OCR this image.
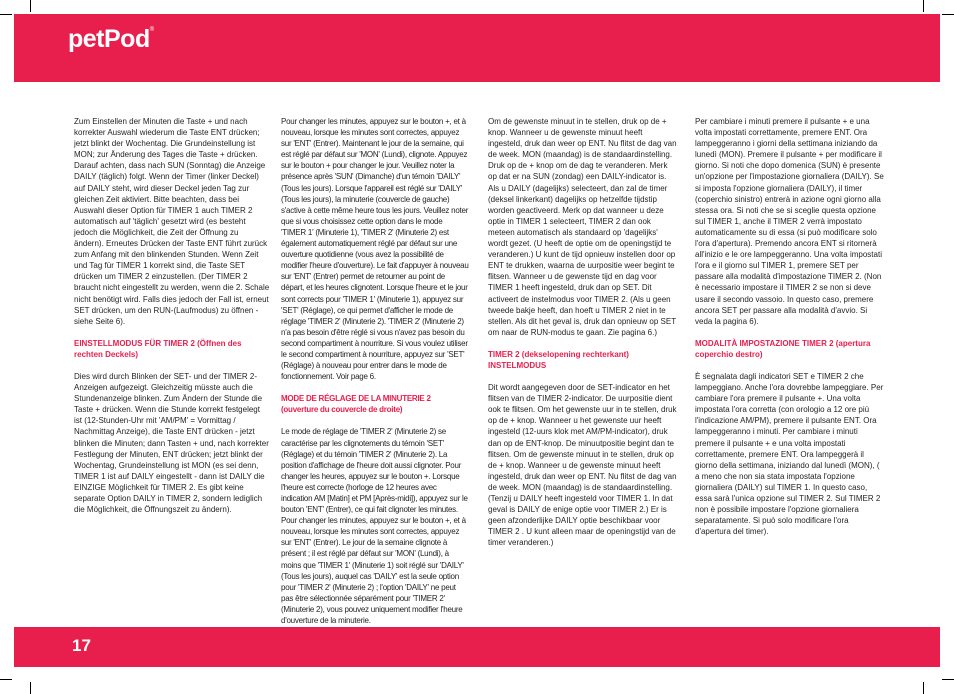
petPod®

Zum Einstellen der Minuten die Taste + und nach korrekter Auswahl wiederum die Taste ENT drücken; jetzt blinkt der Wochentag. Die Grundeinstellung ist MON; zur Änderung des Tages die Taste + drücken.

Darauf achten, dass nach SUN (Sonntag) die Anzeige DAILY (täglich) folgt. Wenn der Timer (linker Deckel) auf DAILY steht, wird dieser Deckel jeden Tag zur gleichen Zeit aktiviert. Bitte beachten, dass bei Auswahl dieser Option für TIMER 1 auch TIMER 2 automatisch auf 'täglich' gesetzt wird (es besteht jedoch die Möglichkeit, die Zeit der Öffnung zu ändern). Erneutes Drücken der Taste ENT führt zurück zum Anfang mit den blinkenden Stunden. Wenn Zeit und Tag für TIMER 1 korrekt sind, die Taste SET drücken um TIMER 2 einzustellen. (Der TIMER 2 braucht nicht eingestellt zu werden, wenn die 2. Schale nicht benötigt wird. Falls dies jedoch der Fall ist, erneut SET drücken, um den RUN-(Laufmodus) zu öffnen - siehe Seite 6).

EINSTELLMODUS FÜR TIMER 2 (Öffnen des rechten Deckels)

Dies wird durch Blinken der SET- und der TIMER 2-Anzeigen aufgezeigt. Gleichzeitig müsste auch die Stundenanzeige blinken. Zum Ändern der Stunde die Taste + drücken. Wenn die Stunde korrekt festgelegt ist (12-Stunden-Uhr mit 'AM/PM' = Vormittag / Nachmittag Anzeige), die Taste ENT drücken - jetzt blinken die Minuten; dann Tasten + und, nach korrekter Festlegung der Minuten, ENT drücken; jetzt blinkt der Wochentag, Grundeinstellung ist MON (es sei denn, TIMER 1 ist auf DAILY eingestellt - dann ist DAILY die EINZIGE Möglichkeit für TIMER 2. Es gibt keine separate Option DAILY in TIMER 2, sondern lediglich die Möglichkeit, die Öffnungszeit zu ändern).

Pour changer les minutes, appuyez sur le bouton +, et à nouveau, lorsque les minutes sont correctes, appuyez sur 'ENT' (Entrer). Maintenant le jour de la semaine, qui est réglé par défaut sur 'MON' (Lundi), clignote. Appuyez sur le bouton + pour changer le jour. Veuillez noter la présence après 'SUN' (Dimanche) d'un témoin 'DAILY' (Tous les jours). Lorsque l'appareil est réglé sur 'DAILY' (Tous les jours), la minuterie (couvercle de gauche) s'active à cette même heure tous les jours. Veuillez noter que si vous choisissez cette option dans le mode 'TIMER 1' (Minuterie 1), 'TIMER 2' (Minuterie 2) est également automatiquement réglé par défaut sur une ouverture quotidienne (vous avez la possibilité de modifier l'heure d'ouverture). Le fait d'appuyer à nouveau sur 'ENT' (Entrer) permet de retourner au point de départ, et les heures clignotent. Lorsque l'heure et le jour sont corrects pour 'TIMER 1' (Minuterie 1), appuyez sur 'SET' (Réglage), ce qui permet d'afficher le mode de réglage 'TIMER 2' (Minuterie 2). 'TIMER 2' (Minuterie 2) n'a pas besoin d'être réglé si vous n'avez pas besoin du second compartiment à nourriture. Si vous voulez utiliser le second compartiment à nourriture, appuyez sur 'SET' (Réglage) à nouveau pour entrer dans le mode de fonctionnement. Voir page 6.

MODE DE RÉGLAGE DE LA MINUTERIE 2 (ouverture du couvercle de droite)

Le mode de réglage de 'TIMER 2' (Minuterie 2) se caractérise par les clignotements du témoin 'SET' (Réglage) et du témoin 'TIMER 2' (Minuterie 2). La position d'affichage de l'heure doit aussi clignoter. Pour changer les heures, appuyez sur le bouton +. Lorsque l'heure est correcte (horloge de 12 heures avec indication AM [Matin] et PM [Après-midi]), appuyez sur le bouton 'ENT' (Entrer), ce qui fait clignoter les minutes. Pour changer les minutes, appuyez sur le bouton +, et à nouveau, lorsque les minutes sont correctes, appuyez sur 'ENT' (Entrer). Le jour de la semaine clignote à présent ; il est réglé par défaut sur 'MON' (Lundi), à moins que 'TIMER 1' (Minuterie 1) soit réglé sur 'DAILY' (Tous les jours), auquel cas 'DAILY' est la seule option pour 'TIMER 2' (Minuterie 2) ; l'option 'DAILY' ne peut pas être sélectionnée séparément pour 'TIMER 2' (Minuterie 2), vous pouvez uniquement modifier l'heure d'ouverture de la minuterie.

Om de gewenste minuut in te stellen, druk op de + knop. Wanneer u de gewenste minuut heeft ingesteld, druk dan weer op ENT. Nu flitst de dag van de week. MON (maandag) is de standaardinstelling. Druk op de + knop om de dag te veranderen. Merk op dat er na SUN (zondag) een DAILY-indicator is. Als u DAILY (dagelijks) selecteert, dan zal de timer (deksel linkerkant) dagelijks op hetzelfde tijdstip worden geactiveerd. Merk op dat wanneer u deze optie in TIMER 1 selecteert, TIMER 2 dan ook meteen automatisch als standaard op 'dagelijks' wordt gezet. (U heeft de optie om de openingstijd te veranderen.) U kunt de tijd opnieuw instellen door op ENT te drukken, waarna de uurpositie weer begint te flitsen. Wanneer u de gewenste tijd en dag voor TIMER 1 heeft ingesteld, druk dan op SET. Dit activeert de instelmodus voor TIMER 2. (Als u geen tweede bakje heeft, dan hoeft u TIMER 2 niet in te stellen. Als dit het geval is, druk dan opnieuw op SET om naar de RUN-modus te gaan. Zie pagina 6.)

TIMER 2 (dekselopening rechterkant) INSTELMODUS

Dit wordt aangegeven door de SET-indicator en het flitsen van de TIMER 2-indicator. De uurpositie dient ook te flitsen. Om het gewenste uur in te stellen, druk op de + knop. Wanneer u het gewenste uur heeft ingesteld (12-uurs klok met AM/PM-indicator), druk dan op de ENT-knop. De minuutpositie begint dan te flitsen. Om de gewenste minuut in te stellen, druk op de + knop. Wanneer u de gewenste minuut heeft ingesteld, druk dan weer op ENT. Nu flitst de dag van de week. MON (maandag) is de standaardinstelling. (Tenzij u DAILY heeft ingesteld voor TIMER 1. In dat geval is DAILY de enige optie voor TIMER 2.) Er is geen afzonderlijke DAILY optie beschikbaar voor TIMER 2 . U kunt alleen maar de openingstijd van de timer veranderen.)

Per cambiare i minuti premere il pulsante + e una volta impostati correttamente, premere ENT. Ora lampeggeranno i giorni della settimana iniziando da lunedì (MON). Premere il pulsante + per modificare il giorno. Si noti che dopo domenica (SUN) è presente un'opzione per l'impostazione giornaliera (DAILY). Se si imposta l'opzione giornaliera (DAILY), il timer (coperchio sinistro) entrerà in azione ogni giorno alla stessa ora. Si noti che se si sceglie questa opzione sul TIMER 1, anche il TIMER 2 verrà impostato automaticamente su di essa (si può modificare solo l'ora d'apertura). Premendo ancora ENT si ritornerà all'inizio e le ore lampeggeranno. Una volta impostati l'ora e il giorno sul TIMER 1, premere SET per passare alla modalità d'impostazione TIMER 2. (Non è necessario impostare il TIMER 2 se non si deve usare il secondo vassoio. In questo caso, premere ancora SET per passare alla modalità d'avvio. Si veda la pagina 6).

MODALITÀ IMPOSTAZIONE TIMER 2 (apertura coperchio destro)

È segnalata dagli indicatori SET e TIMER 2 che lampeggiano. Anche l'ora dovrebbe lampeggiare. Per cambiare l'ora premere il pulsante +. Una volta impostata l'ora corretta (con orologio a 12 ore più l'indicazione AM/PM), premere il pulsante ENT. Ora lampeggeranno i minuti. Per cambiare i minuti premere il pulsante + e una volta impostati correttamente, premere ENT. Ora lampeggerà il giorno della settimana, iniziando dal lunedì (MON), ( a meno che non sia stata impostata l'opzione giornaliera (DAILY) sul TIMER 1. In questo caso, essa sarà l'unica opzione sul TIMER 2. Sul TIMER 2 non è possibile impostare l'opzione giornaliera separatamente. Si può solo modificare l'ora d'apertura del timer).

17
